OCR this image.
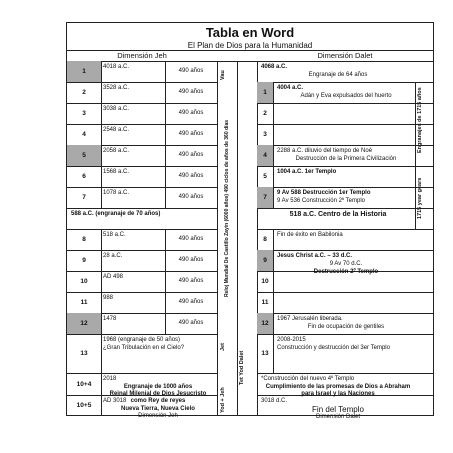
Tabla en Word
El Plan de Dios para la Humanidad
Dimensión Jeh	Dimensión Dalet
Vau
Reloj Mundial De Castillo Zayin (6000 años) 490 ciclos de años de 360 días
Jet
Tet Yod Dalet
Yod + Jeh
Engranajes de 1715 años
1715 year gears
1
4018 a.C.
490 años
2
3528 a.C.
490 años
3
3038 a.C.
490 años
4
2548 a.C.
490 años
5
2058 a.C.
490 años
6
1568 a.C.
490 años
7
1078 a.C.
490 años
588 a.C. (engranaje de 70 años)
8
518 a.C.
490 años
9
28 a.C.
490 años
10
AD 498
490 años
11
988
490 años
12
1478
490 años
13
1968 (engranaje de 50 años)
¿Gran Tribulación en el Cielo?
10+4
2018
Engranaje de 1000 años
Reinal Milenial de Dios Jesucristo como Rey de reyes
10+5
AD 3018
Nueva Tierra, Nueva Cielo
Dimensión Jeh
4068 a.C.
Engranaje de 64 años
1
4004 a.C.
Adán y Eva expulsados del huerto
2
3
4
2288 a.C. diluvio del tiempo de Noé
Destrucción de la Primera Civilización
5
1004 a.C. 1er Templo
7
9 Av 588 Destrucción 1er Templo
9 Av 536 Construcción 2º Templo
518 a.C. Centro de la Historia
8
Fin de éxito en Babilonia
9
Jesus Christ a.C. – 33 d.C.
9 Av 70 d.C.
Destrucción 2º Templo
10
11
12
1967 Jerusalén liberada.
Fin de ocupación de gentiles
13
2008-2015
Construcción y destrucción del 3er Templo
*Construcción del nuevo 4º Templo
Cumplimiento de las promesas de Dios a Abraham para Israel y las Naciones
3018 d.C.
Fin del Templo
Dimensión Dalet
